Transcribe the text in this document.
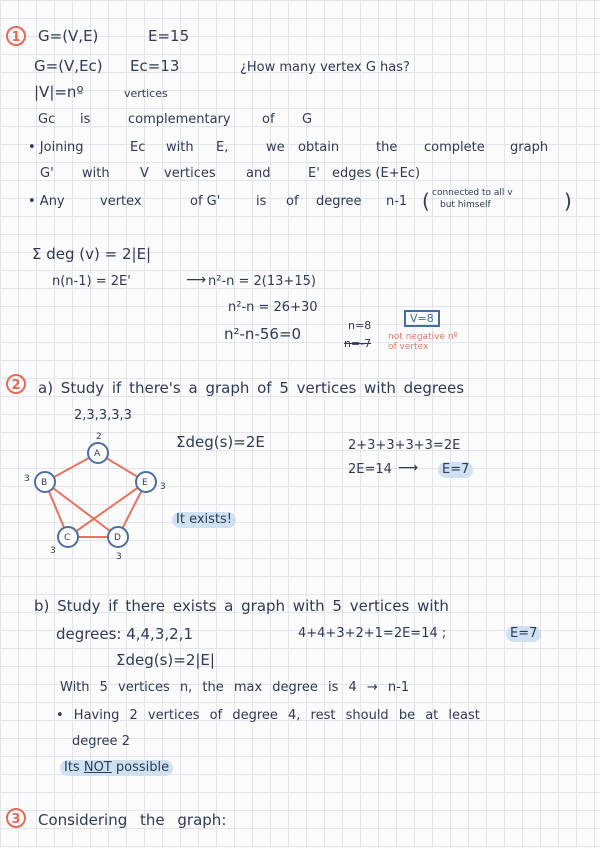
1	G=(V,E)	E=15
G=(V,Ec) Ec=13	¿How many vertex G has?
|V|=nº	vertices
Gc is	complementary of G
• Joining	Ec with E,	we obtain	the complete graph
G' with V vertices and	E' edges (E+Ec)
• Any	vertex	of G'	is of degree n-1 ( connected to all v
but himself	)
Σ deg (v) = 2|E|
n(n-1) = 2E'	⟶ n²-n = 2(13+15)
n²-n = 26+30
n²-n-56=0	n=8
n=-7
V=8
not negative nº
of vertex
2	a) Study if there's a graph of 5 vertices with degrees
2,3,3,3,3
A
B
C	D
E
2
3
3
3
3
Σdeg(s)=2E	2+3+3+3+3=2E
2E=14 ⟶	E=7
It exists!
b) Study if there exists a graph with 5 vertices with
degrees: 4,4,3,2,1	4+4+3+2+1=2E=14 ;	E=7
Σdeg(s)=2|E|
With 5 vertices n, the max degree is 4 → n-1
• Having 2 vertices of degree 4, rest should be at least
degree 2
Its NOT possible
3	Considering the graph:
